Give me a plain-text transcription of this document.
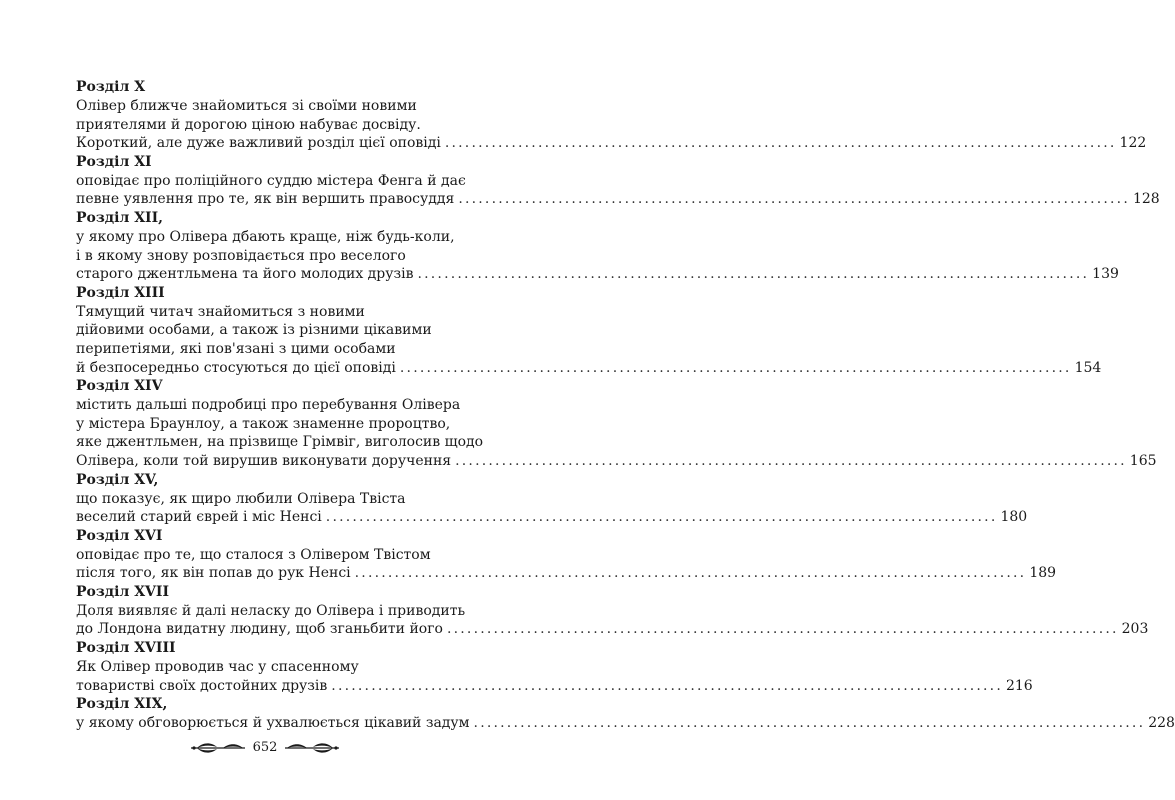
Розділ X
Олівер ближче знайомиться зі своїми новими
приятелями й дорогою ціною набуває досвіду.
Короткий, але дуже важливий розділ цієї оповіді .....	122
Розділ XI
оповідає про поліційного суддю містера Фенга й дає
певне уявлення про те, як він вершить правосуддя .....	128
Розділ XII,
у якому про Олівера дбають краще, ніж будь-коли,
і в якому знову розповідається про веселого
старого джентльмена та його молодих друзів .....	139
Розділ XIII
Тямущий читач знайомиться з новими
дійовими особами, а також із різними цікавими
перипетіями, які пов'язані з цими особами
й безпосередньо стосуються до цієї оповіді .....	154
Розділ XIV
містить дальші подробиці про перебування Олівера
у містера Браунлоу, а також знаменне пророцтво,
яке джентльмен, на прізвище Грімвіг, виголосив щодо
Олівера, коли той вирушив виконувати доручення .....	165
Розділ XV,
що показує, як щиро любили Олівера Твіста
веселий старий єврей і міс Ненсі .....	180
Розділ XVI
оповідає про те, що сталося з Олівером Твістом
після того, як він попав до рук Ненсі .....	189
Розділ XVII
Доля виявляє й далі неласку до Олівера і приводить
до Лондона видатну людину, щоб зганьбити його .....	203
Розділ XVIII
Як Олівер проводив час у спасенному
товаристві своїх достойних друзів .....	216
Розділ XIX,
у якому обговорюється й ухвалюється цікавий задум .....	228
652
